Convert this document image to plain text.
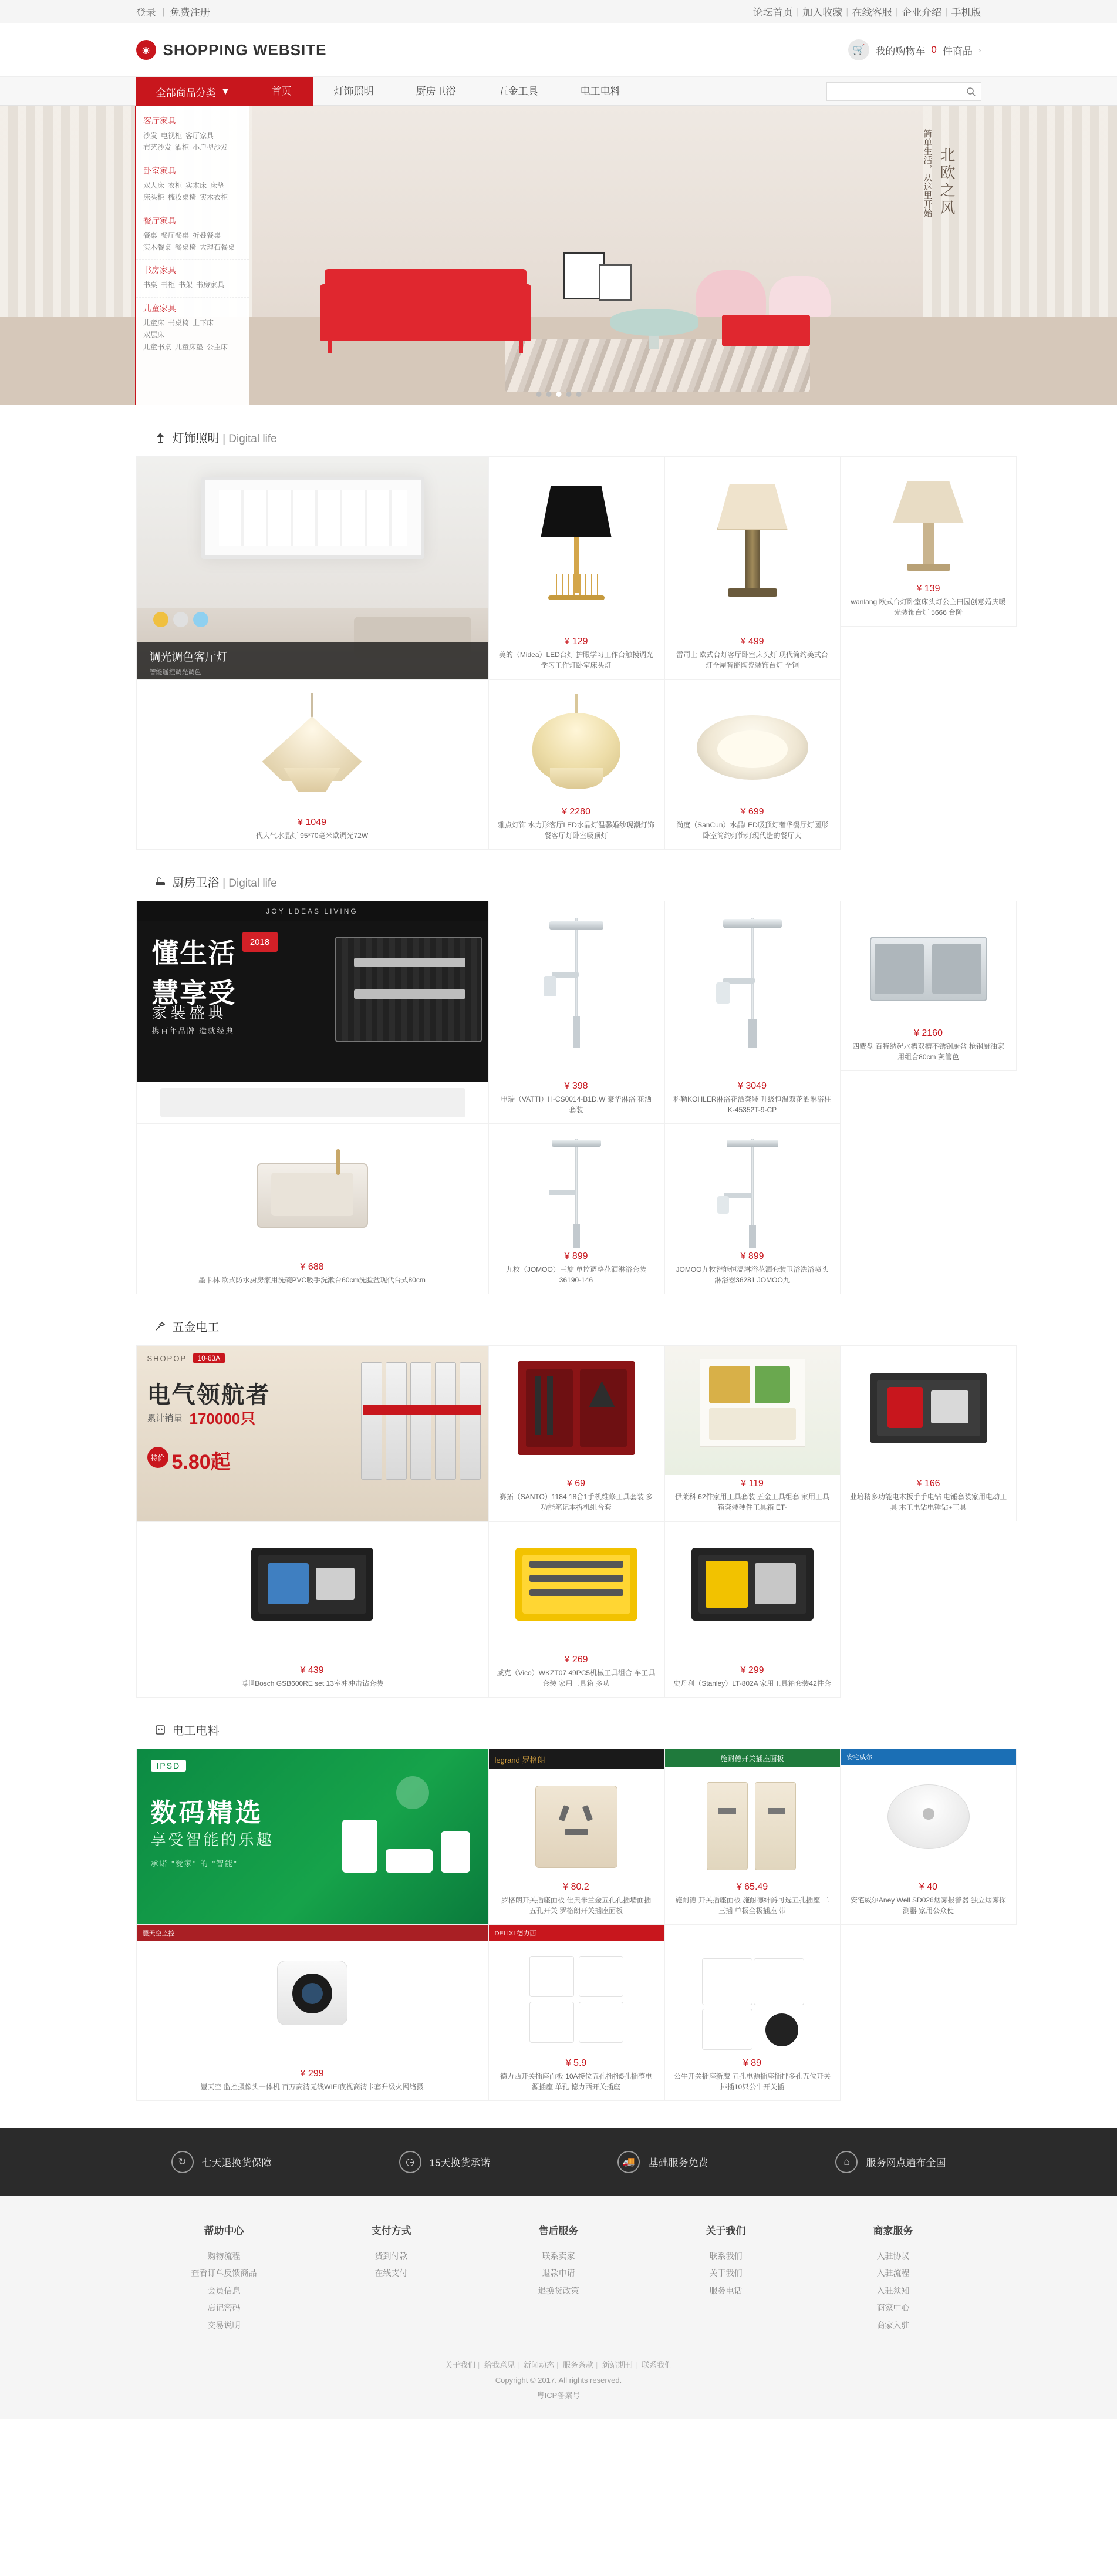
登录 | 免费注册	论坛首页 | 加入收藏 | 在线客服 | 企业介绍 | 手机版
◉ SHOPPING WEBSITE	🛒	我的购物车 0 件商品 ›
全部商品分类 ▼	首页	灯饰照明	厨房卫浴	五金工具	电工电料
北欧之风
简单生活，从这里开始
客厅家具
沙发 电视柜 客厅家具
布艺沙发 酒柜 小户型沙发
卧室家具
双人床 衣柜 实木床 床垫
床头柜 梳妆桌椅 实木衣柜
餐厅家具
餐桌 餐厅餐桌 折叠餐桌
实木餐桌 餐桌椅 大理石餐桌
书房家具
书桌 书柜 书架 书房家具
儿童家具
儿童床 书桌椅 上下床双层床
儿童书桌 儿童床垫 公主床
灯饰照明 | Digital life
调光调色客厅灯
智能遥控调光调色
¥ 129
美的（Midea）LED台灯 护眼学习工作台触摸调光 学习工作灯卧室床头灯
¥ 499
雷司士 欧式台灯客厅卧室床头灯 现代简约美式台灯全屋智能陶瓷装饰台灯 全铜
¥ 139
wanlang 欧式台灯卧室床头灯公主田园创意婚庆暖光装饰台灯 5666 台阶
¥ 1049
代大气水晶灯 95*70毫米欧调光72W
¥ 2280
雅点灯饰 水力形客厅LED水晶灯温馨婚纱现潮灯饰餐客厅灯卧室吸顶灯
¥ 699
尚度（SanCun）水晶LED吸顶灯奢华餐厅灯圆形卧室简约灯饰灯现代造的餐厅大
厨房卫浴 | Digital life
JOY LDEAS LIVING
懂生活
慧享受
2018
家装盛典
携百年品牌 造就经典
¥ 398
申瑞（VATTI）H-CS0014-B1D.W 豪华淋浴 花洒 套装
¥ 3049
科勒KOHLER淋浴花洒套装 升级恒温双花洒淋浴柱 K-45352T-9-CP
¥ 2160
四费盘 百特纳起水槽双槽不锈钢厨盆 枪钢厨油家用组合80cm 灰管色
¥ 688
墨卡林 欧式防水厨房家用洗碗PVC吸手洗漱台60cm洗脸盆现代台式80cm
¥ 899
九枚（JOMOO）三旋 单控调整花洒淋浴套装36190-146
¥ 899
JOMOO九牧智能恒温淋浴花洒套装卫浴洗浴喷头淋浴器36281 JOMOO九
五金电工
SHOPOP	10-63A
电气领航者
累计销量 170000只
5.80起
特价
¥ 69
赛拓（SANTO）1184 18合1手机维修工具套装 多功能笔记本拆机组合套
¥ 119
伊莱科 62件家用工具套装 五金工具组套 家用工具箱套装硬件工具箱 ET-
¥ 166
业培精多功能电木扳手手电钻 电锤套装家用电动工具 木工电钻电锤钻+工具
¥ 439
博世Bosch GSB600RE set 13室冲冲击钻套装
¥ 269
威克（Vico）WKZT07 49PC5机械工具组合 车工具套装 家用工具箱 多功
¥ 299
史丹利（Stanley）LT-802A 家用工具箱套装42件套
电工电料
IPSD
数码精选
享受智能的乐趣
承诺 "爱家" 的 "智能"
legrand 罗格朗
¥ 80.2
罗格朗开关插座面板 仕典米兰金五孔孔插墙面插 五孔开关 罗格朗开关插座面板
施耐德开关插座面板
¥ 65.49
施耐德 开关插座面板 施耐德绅爵可选五孔插座 二三插 单极全极插座 带
安宅威尔
¥ 40
安宅威尔Aney Well SD026烟雾报警器 独立烟雾探测器 家用公众使
豐天空监控
¥ 299
豐天空 监控摄像头一体机 百万高清无线WIFI夜视高清卡套升级火网络摄
DELIXI 德力西
¥ 5.9
德力西开关插座面板 10A接位五孔插插5孔插整电源插座 单孔 德力西开关插座
¥ 89
公牛开关插座新魔 五孔电源插座插排多孔五位开关排插10只公牛开关插
↻	七天退换货保障	◷	15天换货承诺	🚚	基础服务免费	⌂	服务网点遍布全国
帮助中心
购物流程
查看订单反馈商品
会员信息
忘记密码
交易说明
支付方式
货到付款
在线支付
售后服务
联系卖家
退款申请
退换货政策
关于我们
联系我们
关于我们
服务电话
商家服务
入驻协议
入驻流程
入驻须知
商家中心
商家入驻
关于我们 | 给我意见 | 新闻动态 | 服务条款 | 新站期刊 | 联系我们
Copyright © 2017. All rights reserved.
粤ICP备案号
